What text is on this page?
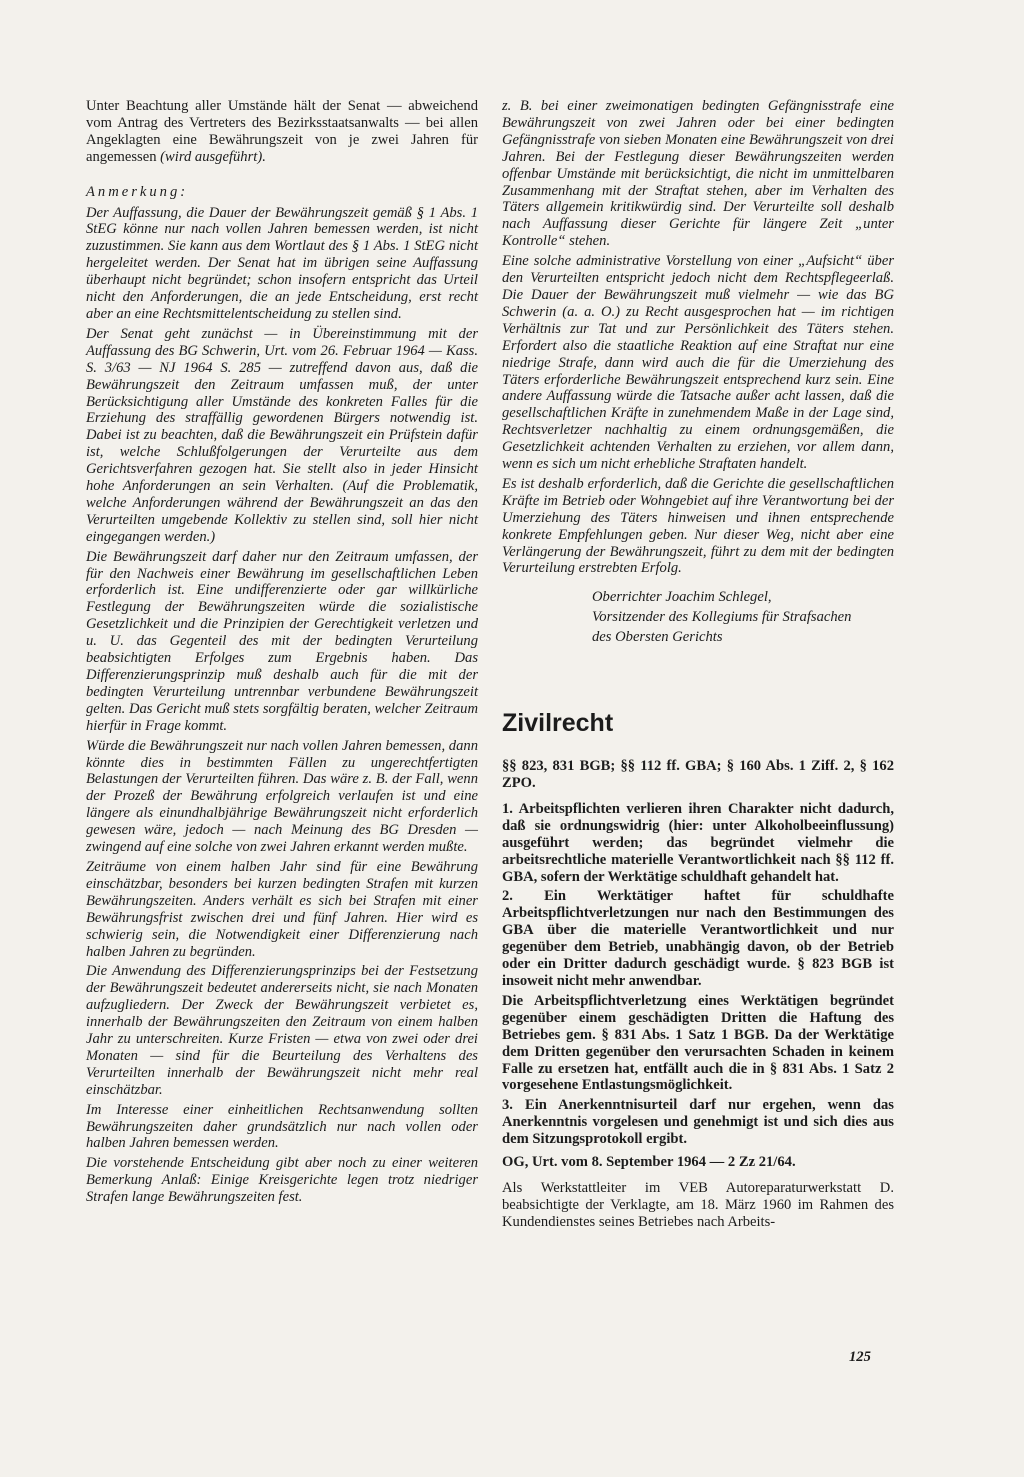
Unter Beachtung aller Umstände hält der Senat — abweichend vom Antrag des Vertreters des Bezirksstaatsanwalts — bei allen Angeklagten eine Bewährungszeit von je zwei Jahren für angemessen (wird ausgeführt).

Anmerkung:

Der Auffassung, die Dauer der Bewährungszeit gemäß § 1 Abs. 1 StEG könne nur nach vollen Jahren bemessen werden, ist nicht zuzustimmen. Sie kann aus dem Wortlaut des § 1 Abs. 1 StEG nicht hergeleitet werden. Der Senat hat im übrigen seine Auffassung überhaupt nicht begründet; schon insofern entspricht das Urteil nicht den Anforderungen, die an jede Entscheidung, erst recht aber an eine Rechtsmittelentscheidung zu stellen sind.

Der Senat geht zunächst — in Übereinstimmung mit der Auffassung des BG Schwerin, Urt. vom 26. Februar 1964 — Kass. S. 3/63 — NJ 1964 S. 285 — zutreffend davon aus, daß die Bewährungszeit den Zeitraum umfassen muß, der unter Berücksichtigung aller Umstände des konkreten Falles für die Erziehung des straffällig gewordenen Bürgers notwendig ist. Dabei ist zu beachten, daß die Bewährungszeit ein Prüfstein dafür ist, welche Schlußfolgerungen der Verurteilte aus dem Gerichtsverfahren gezogen hat. Sie stellt also in jeder Hinsicht hohe Anforderungen an sein Verhalten. (Auf die Problematik, welche Anforderungen während der Bewährungszeit an das den Verurteilten umgebende Kollektiv zu stellen sind, soll hier nicht eingegangen werden.)

Die Bewährungszeit darf daher nur den Zeitraum umfassen, der für den Nachweis einer Bewährung im gesellschaftlichen Leben erforderlich ist. Eine undifferenzierte oder gar willkürliche Festlegung der Bewährungszeiten würde die sozialistische Gesetzlichkeit und die Prinzipien der Gerechtigkeit verletzen und u. U. das Gegenteil des mit der bedingten Verurteilung beabsichtigten Erfolges zum Ergebnis haben. Das Differenzierungsprinzip muß deshalb auch für die mit der bedingten Verurteilung untrennbar verbundene Bewährungszeit gelten. Das Gericht muß stets sorgfältig beraten, welcher Zeitraum hierfür in Frage kommt.

Würde die Bewährungszeit nur nach vollen Jahren bemessen, dann könnte dies in bestimmten Fällen zu ungerechtfertigten Belastungen der Verurteilten führen. Das wäre z. B. der Fall, wenn der Prozeß der Bewährung erfolgreich verlaufen ist und eine längere als einundhalbjährige Bewährungszeit nicht erforderlich gewesen wäre, jedoch — nach Meinung des BG Dresden — zwingend auf eine solche von zwei Jahren erkannt werden mußte.

Zeiträume von einem halben Jahr sind für eine Bewährung einschätzbar, besonders bei kurzen bedingten Strafen mit kurzen Bewährungszeiten. Anders verhält es sich bei Strafen mit einer Bewährungsfrist zwischen drei und fünf Jahren. Hier wird es schwierig sein, die Notwendigkeit einer Differenzierung nach halben Jahren zu begründen.

Die Anwendung des Differenzierungsprinzips bei der Festsetzung der Bewährungszeit bedeutet andererseits nicht, sie nach Monaten aufzugliedern. Der Zweck der Bewährungszeit verbietet es, innerhalb der Bewährungszeiten den Zeitraum von einem halben Jahr zu unterschreiten. Kurze Fristen — etwa von zwei oder drei Monaten — sind für die Beurteilung des Verhaltens des Verurteilten innerhalb der Bewährungszeit nicht mehr real einschätzbar.

Im Interesse einer einheitlichen Rechtsanwendung sollten Bewährungszeiten daher grundsätzlich nur nach vollen oder halben Jahren bemessen werden.

Die vorstehende Entscheidung gibt aber noch zu einer weiteren Bemerkung Anlaß: Einige Kreisgerichte legen trotz niedriger Strafen lange Bewährungszeiten fest.

z. B. bei einer zweimonatigen bedingten Gefängnisstrafe eine Bewährungszeit von zwei Jahren oder bei einer bedingten Gefängnisstrafe von sieben Monaten eine Bewährungszeit von drei Jahren. Bei der Festlegung dieser Bewährungszeiten werden offenbar Umstände mit berücksichtigt, die nicht im unmittelbaren Zusammenhang mit der Straftat stehen, aber im Verhalten des Täters allgemein kritikwürdig sind. Der Verurteilte soll deshalb nach Auffassung dieser Gerichte für längere Zeit „unter Kontrolle“ stehen.

Eine solche administrative Vorstellung von einer „Aufsicht“ über den Verurteilten entspricht jedoch nicht dem Rechtspflegeerlaß. Die Dauer der Bewährungszeit muß vielmehr — wie das BG Schwerin (a. a. O.) zu Recht ausgesprochen hat — im richtigen Verhältnis zur Tat und zur Persönlichkeit des Täters stehen. Erfordert also die staatliche Reaktion auf eine Straftat nur eine niedrige Strafe, dann wird auch die für die Umerziehung des Täters erforderliche Bewährungszeit entsprechend kurz sein. Eine andere Auffassung würde die Tatsache außer acht lassen, daß die gesellschaftlichen Kräfte in zunehmendem Maße in der Lage sind, Rechtsverletzer nachhaltig zu einem ordnungsgemäßen, die Gesetzlichkeit achtenden Verhalten zu erziehen, vor allem dann, wenn es sich um nicht erhebliche Straftaten handelt.

Es ist deshalb erforderlich, daß die Gerichte die gesellschaftlichen Kräfte im Betrieb oder Wohngebiet auf ihre Verantwortung bei der Umerziehung des Täters hinweisen und ihnen entsprechende konkrete Empfehlungen geben. Nur dieser Weg, nicht aber eine Verlängerung der Bewährungszeit, führt zu dem mit der bedingten Verurteilung erstrebten Erfolg.

Oberrichter Joachim Schlegel,

Vorsitzender des Kollegiums für Strafsachen

des Obersten Gerichts

Zivilrecht

§§ 823, 831 BGB; §§ 112 ff. GBA; § 160 Abs. 1 Ziff. 2, § 162 ZPO.

1. Arbeitspflichten verlieren ihren Charakter nicht dadurch, daß sie ordnungswidrig (hier: unter Alkoholbeeinflussung) ausgeführt werden; das begründet vielmehr die arbeitsrechtliche materielle Verantwortlichkeit nach §§ 112 ff. GBA, sofern der Werktätige schuldhaft gehandelt hat.

2. Ein Werktätiger haftet für schuldhafte Arbeitspflichtverletzungen nur nach den Bestimmungen des GBA über die materielle Verantwortlichkeit und nur gegenüber dem Betrieb, unabhängig davon, ob der Betrieb oder ein Dritter dadurch geschädigt wurde. § 823 BGB ist insoweit nicht mehr anwendbar.

Die Arbeitspflichtverletzung eines Werktätigen begründet gegenüber einem geschädigten Dritten die Haftung des Betriebes gem. § 831 Abs. 1 Satz 1 BGB. Da der Werktätige dem Dritten gegenüber den verursachten Schaden in keinem Falle zu ersetzen hat, entfällt auch die in § 831 Abs. 1 Satz 2 vorgesehene Entlastungsmöglichkeit.

3. Ein Anerkenntnisurteil darf nur ergehen, wenn das Anerkenntnis vorgelesen und genehmigt ist und sich dies aus dem Sitzungsprotokoll ergibt.

OG, Urt. vom 8. September 1964 — 2 Zz 21/64.

Als Werkstattleiter im VEB Autoreparaturwerkstatt D. beabsichtigte der Verklagte, am 18. März 1960 im Rahmen des Kundendienstes seines Betriebes nach Arbeits-

125
